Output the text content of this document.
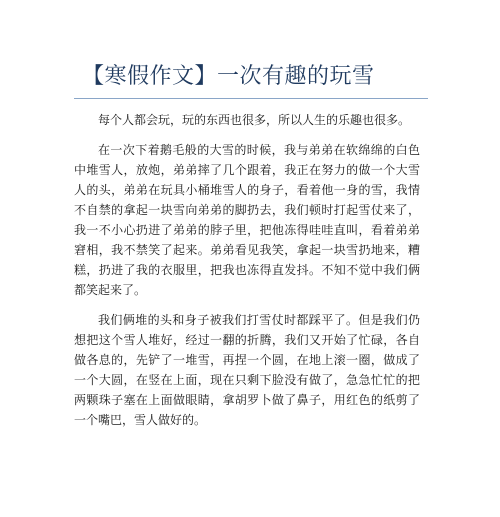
【寒假作文】一次有趣的玩雪

每个人都会玩，玩的东西也很多，所以人生的乐趣也很多。

在一次下着鹅毛般的大雪的时候，我与弟弟在软绵绵的白色中堆雪人，放炮，弟弟摔了几个跟着，我正在努力的做一个大雪人的头，弟弟在玩具小桶堆雪人的身子，看着他一身的雪，我情不自禁的拿起一块雪向弟弟的脚扔去，我们顿时打起雪仗来了，我一不小心扔进了弟弟的脖子里，把他冻得哇哇直叫，看着弟弟窘相，我不禁笑了起来。弟弟看见我笑，拿起一块雪扔地来，糟糕，扔进了我的衣服里，把我也冻得直发抖。不知不觉中我们俩都笑起来了。

我们俩堆的头和身子被我们打雪仗时都踩平了。但是我们仍想把这个雪人堆好，经过一翻的折腾，我们又开始了忙碌，各自做各息的，先铲了一堆雪，再捏一个圆，在地上滚一圈，做成了一个大圆，在竖在上面，现在只剩下脸没有做了，急急忙忙的把两颗珠子塞在上面做眼睛，拿胡罗卜做了鼻子，用红色的纸剪了一个嘴巴，雪人做好的。
